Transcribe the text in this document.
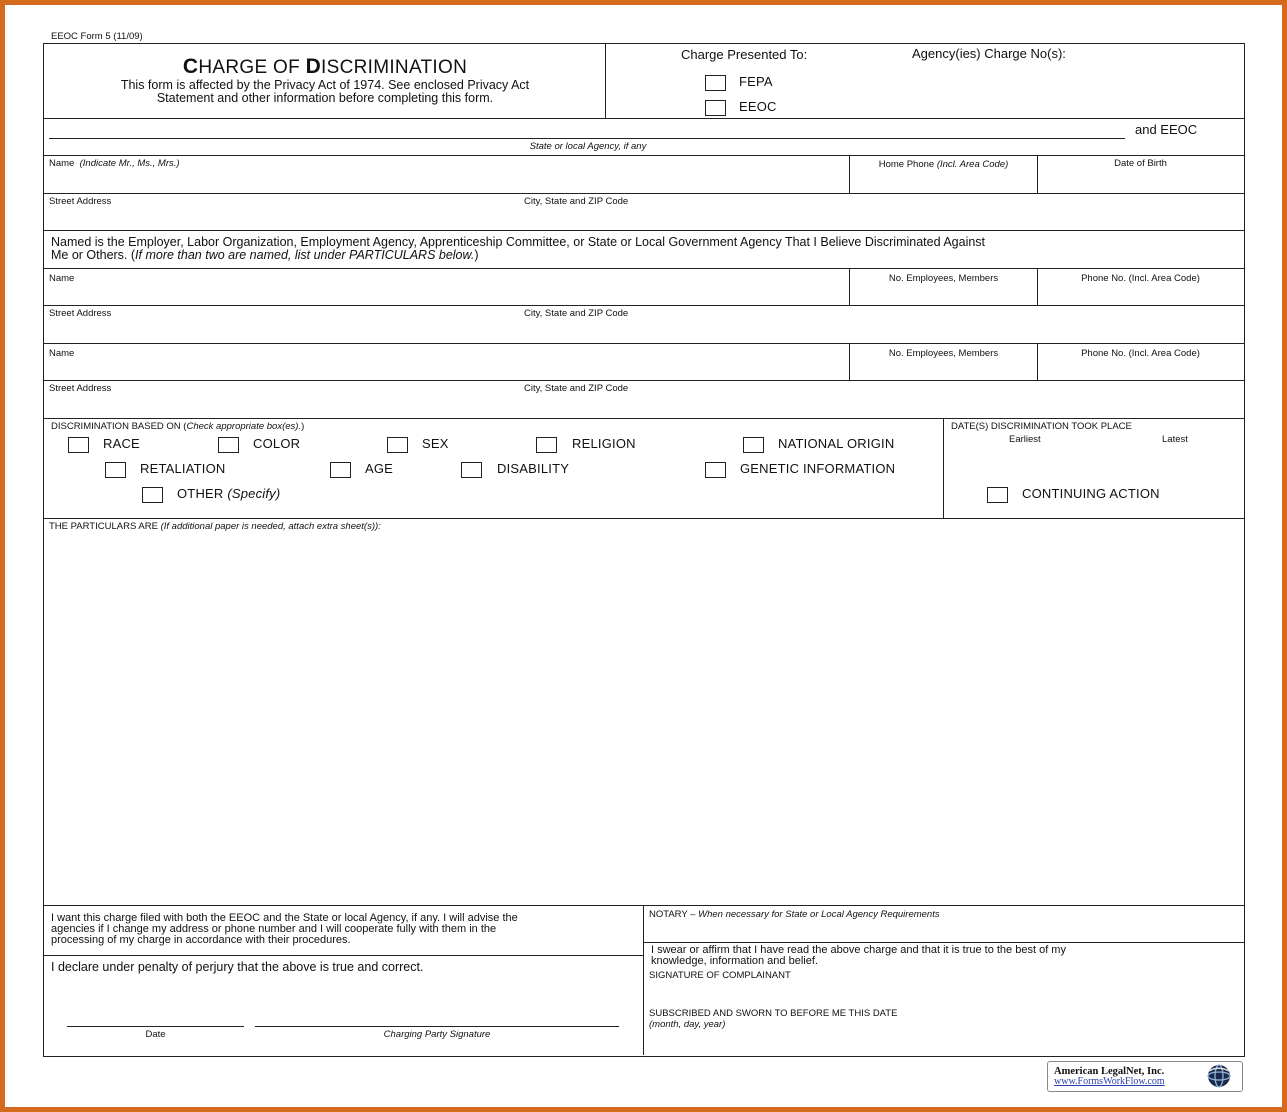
EEOC Form 5 (11/09)
CHARGE OF DISCRIMINATION
This form is affected by the Privacy Act of 1974. See enclosed Privacy Act
Statement and other information before completing this form.
Charge Presented To:	Agency(ies) Charge No(s):
FEPA
EEOC
and EEOC
State or local Agency, if any
Name (Indicate Mr., Ms., Mrs.)	Home Phone (Incl. Area Code)	Date of Birth
Street Address	City, State and ZIP Code
Named is the Employer, Labor Organization, Employment Agency, Apprenticeship Committee, or State or Local Government Agency That I Believe Discriminated Against
Me or Others. (If more than two are named, list under PARTICULARS below.)
Name	No. Employees, Members	Phone No. (Incl. Area Code)
Street Address	City, State and ZIP Code
Name	No. Employees, Members	Phone No. (Incl. Area Code)
Street Address	City, State and ZIP Code
DISCRIMINATION BASED ON (Check appropriate box(es).)
RACE	COLOR	SEX	RELIGION	NATIONAL ORIGIN
RETALIATION	AGE	DISABILITY	GENETIC INFORMATION
OTHER (Specify)
DATE(S) DISCRIMINATION TOOK PLACE
Earliest	Latest
CONTINUING ACTION
THE PARTICULARS ARE (If additional paper is needed, attach extra sheet(s)):
I want this charge filed with both the EEOC and the State or local Agency, if any. I will advise the
agencies if I change my address or phone number and I will cooperate fully with them in the
processing of my charge in accordance with their procedures.
I declare under penalty of perjury that the above is true and correct.
Date	Charging Party Signature
NOTARY – When necessary for State or Local Agency Requirements
I swear or affirm that I have read the above charge and that it is true to the best of my
knowledge, information and belief.
SIGNATURE OF COMPLAINANT
SUBSCRIBED AND SWORN TO BEFORE ME THIS DATE
(month, day, year)
American LegalNet, Inc.
www.FormsWorkFlow.com
